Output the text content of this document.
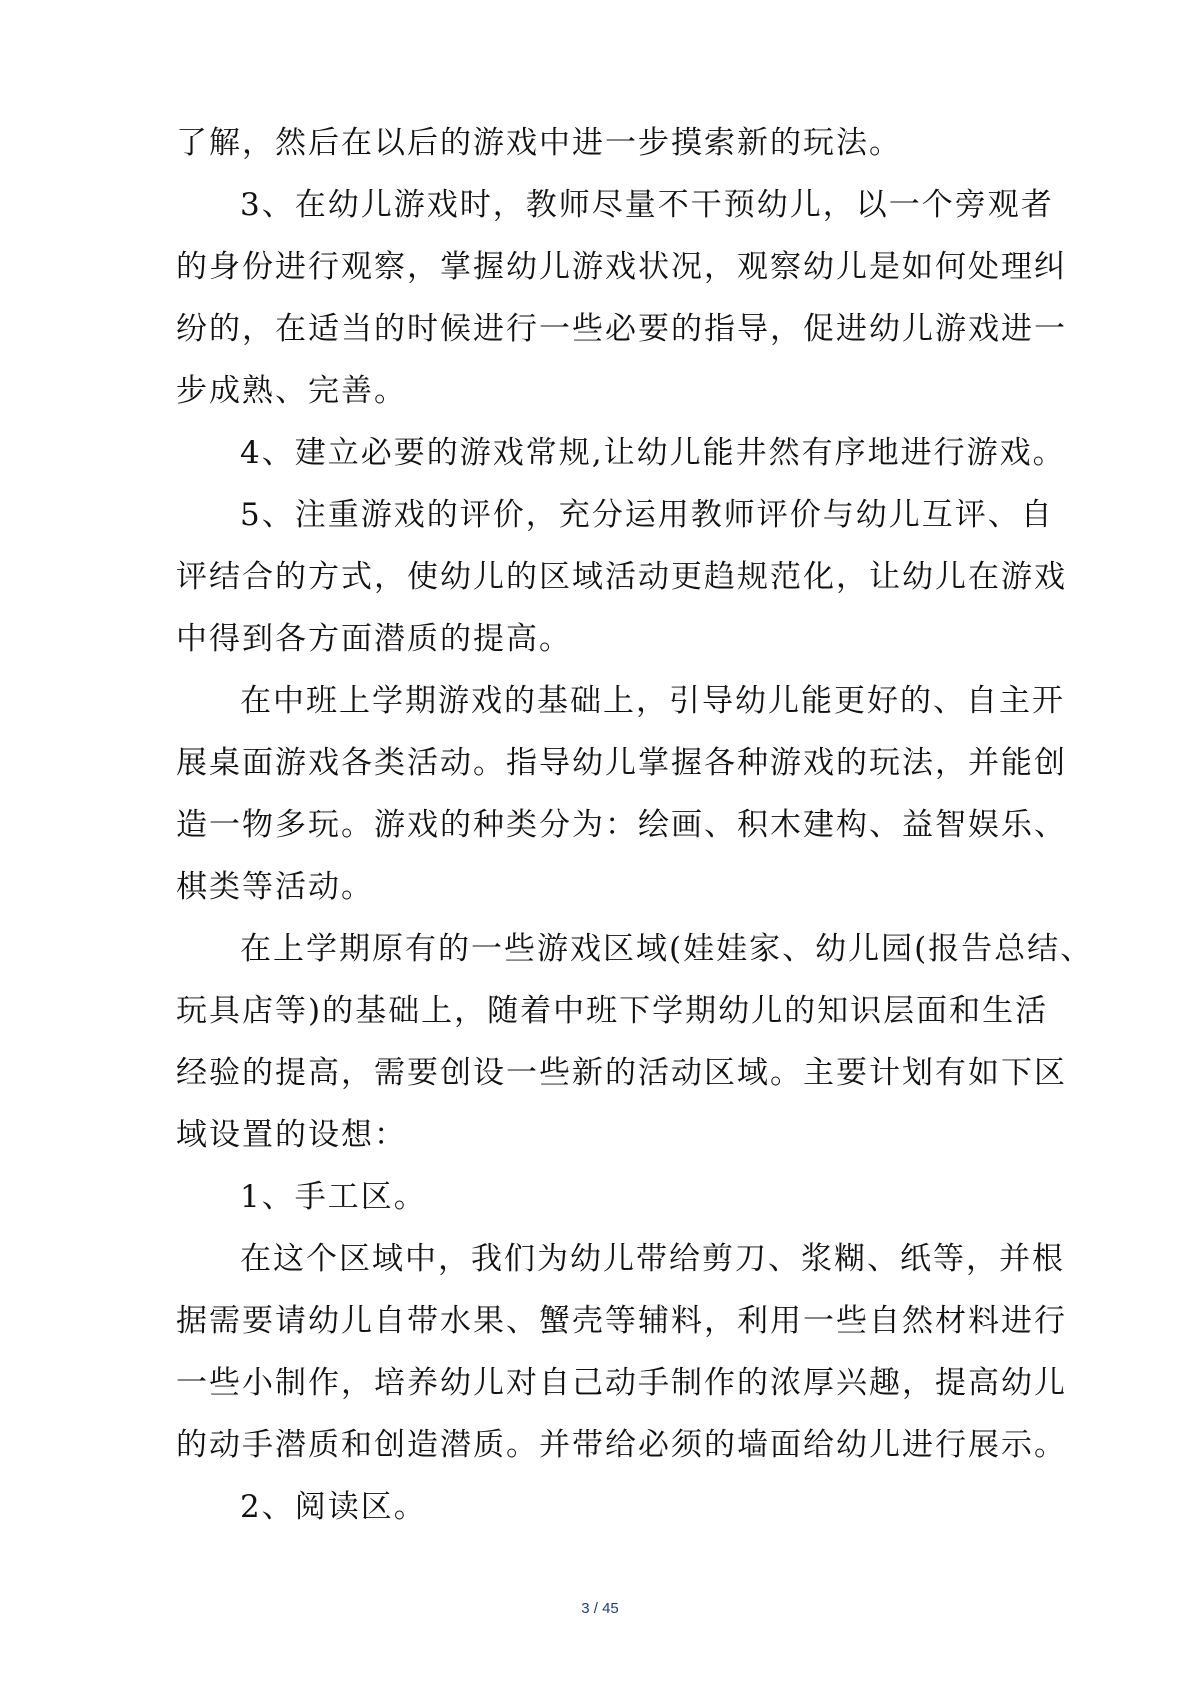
了解，然后在以后的游戏中进一步摸索新的玩法。
3、在幼儿游戏时，教师尽量不干预幼儿，以一个旁观者
的身份进行观察，掌握幼儿游戏状况，观察幼儿是如何处理纠
纷的，在适当的时候进行一些必要的指导，促进幼儿游戏进一
步成熟、完善。
4、建立必要的游戏常规,让幼儿能井然有序地进行游戏。
5、注重游戏的评价，充分运用教师评价与幼儿互评、自
评结合的方式，使幼儿的区域活动更趋规范化，让幼儿在游戏
中得到各方面潜质的提高。
在中班上学期游戏的基础上，引导幼儿能更好的、自主开
展桌面游戏各类活动。指导幼儿掌握各种游戏的玩法，并能创
造一物多玩。游戏的种类分为：绘画、积木建构、益智娱乐、
棋类等活动。
在上学期原有的一些游戏区域(娃娃家、幼儿园(报告总结、
玩具店等)的基础上，随着中班下学期幼儿的知识层面和生活
经验的提高，需要创设一些新的活动区域。主要计划有如下区
域设置的设想：
1、手工区。
在这个区域中，我们为幼儿带给剪刀、浆糊、纸等，并根
据需要请幼儿自带水果、蟹壳等辅料，利用一些自然材料进行
一些小制作，培养幼儿对自己动手制作的浓厚兴趣，提高幼儿
的动手潜质和创造潜质。并带给必须的墙面给幼儿进行展示。
2、阅读区。
3 / 45
